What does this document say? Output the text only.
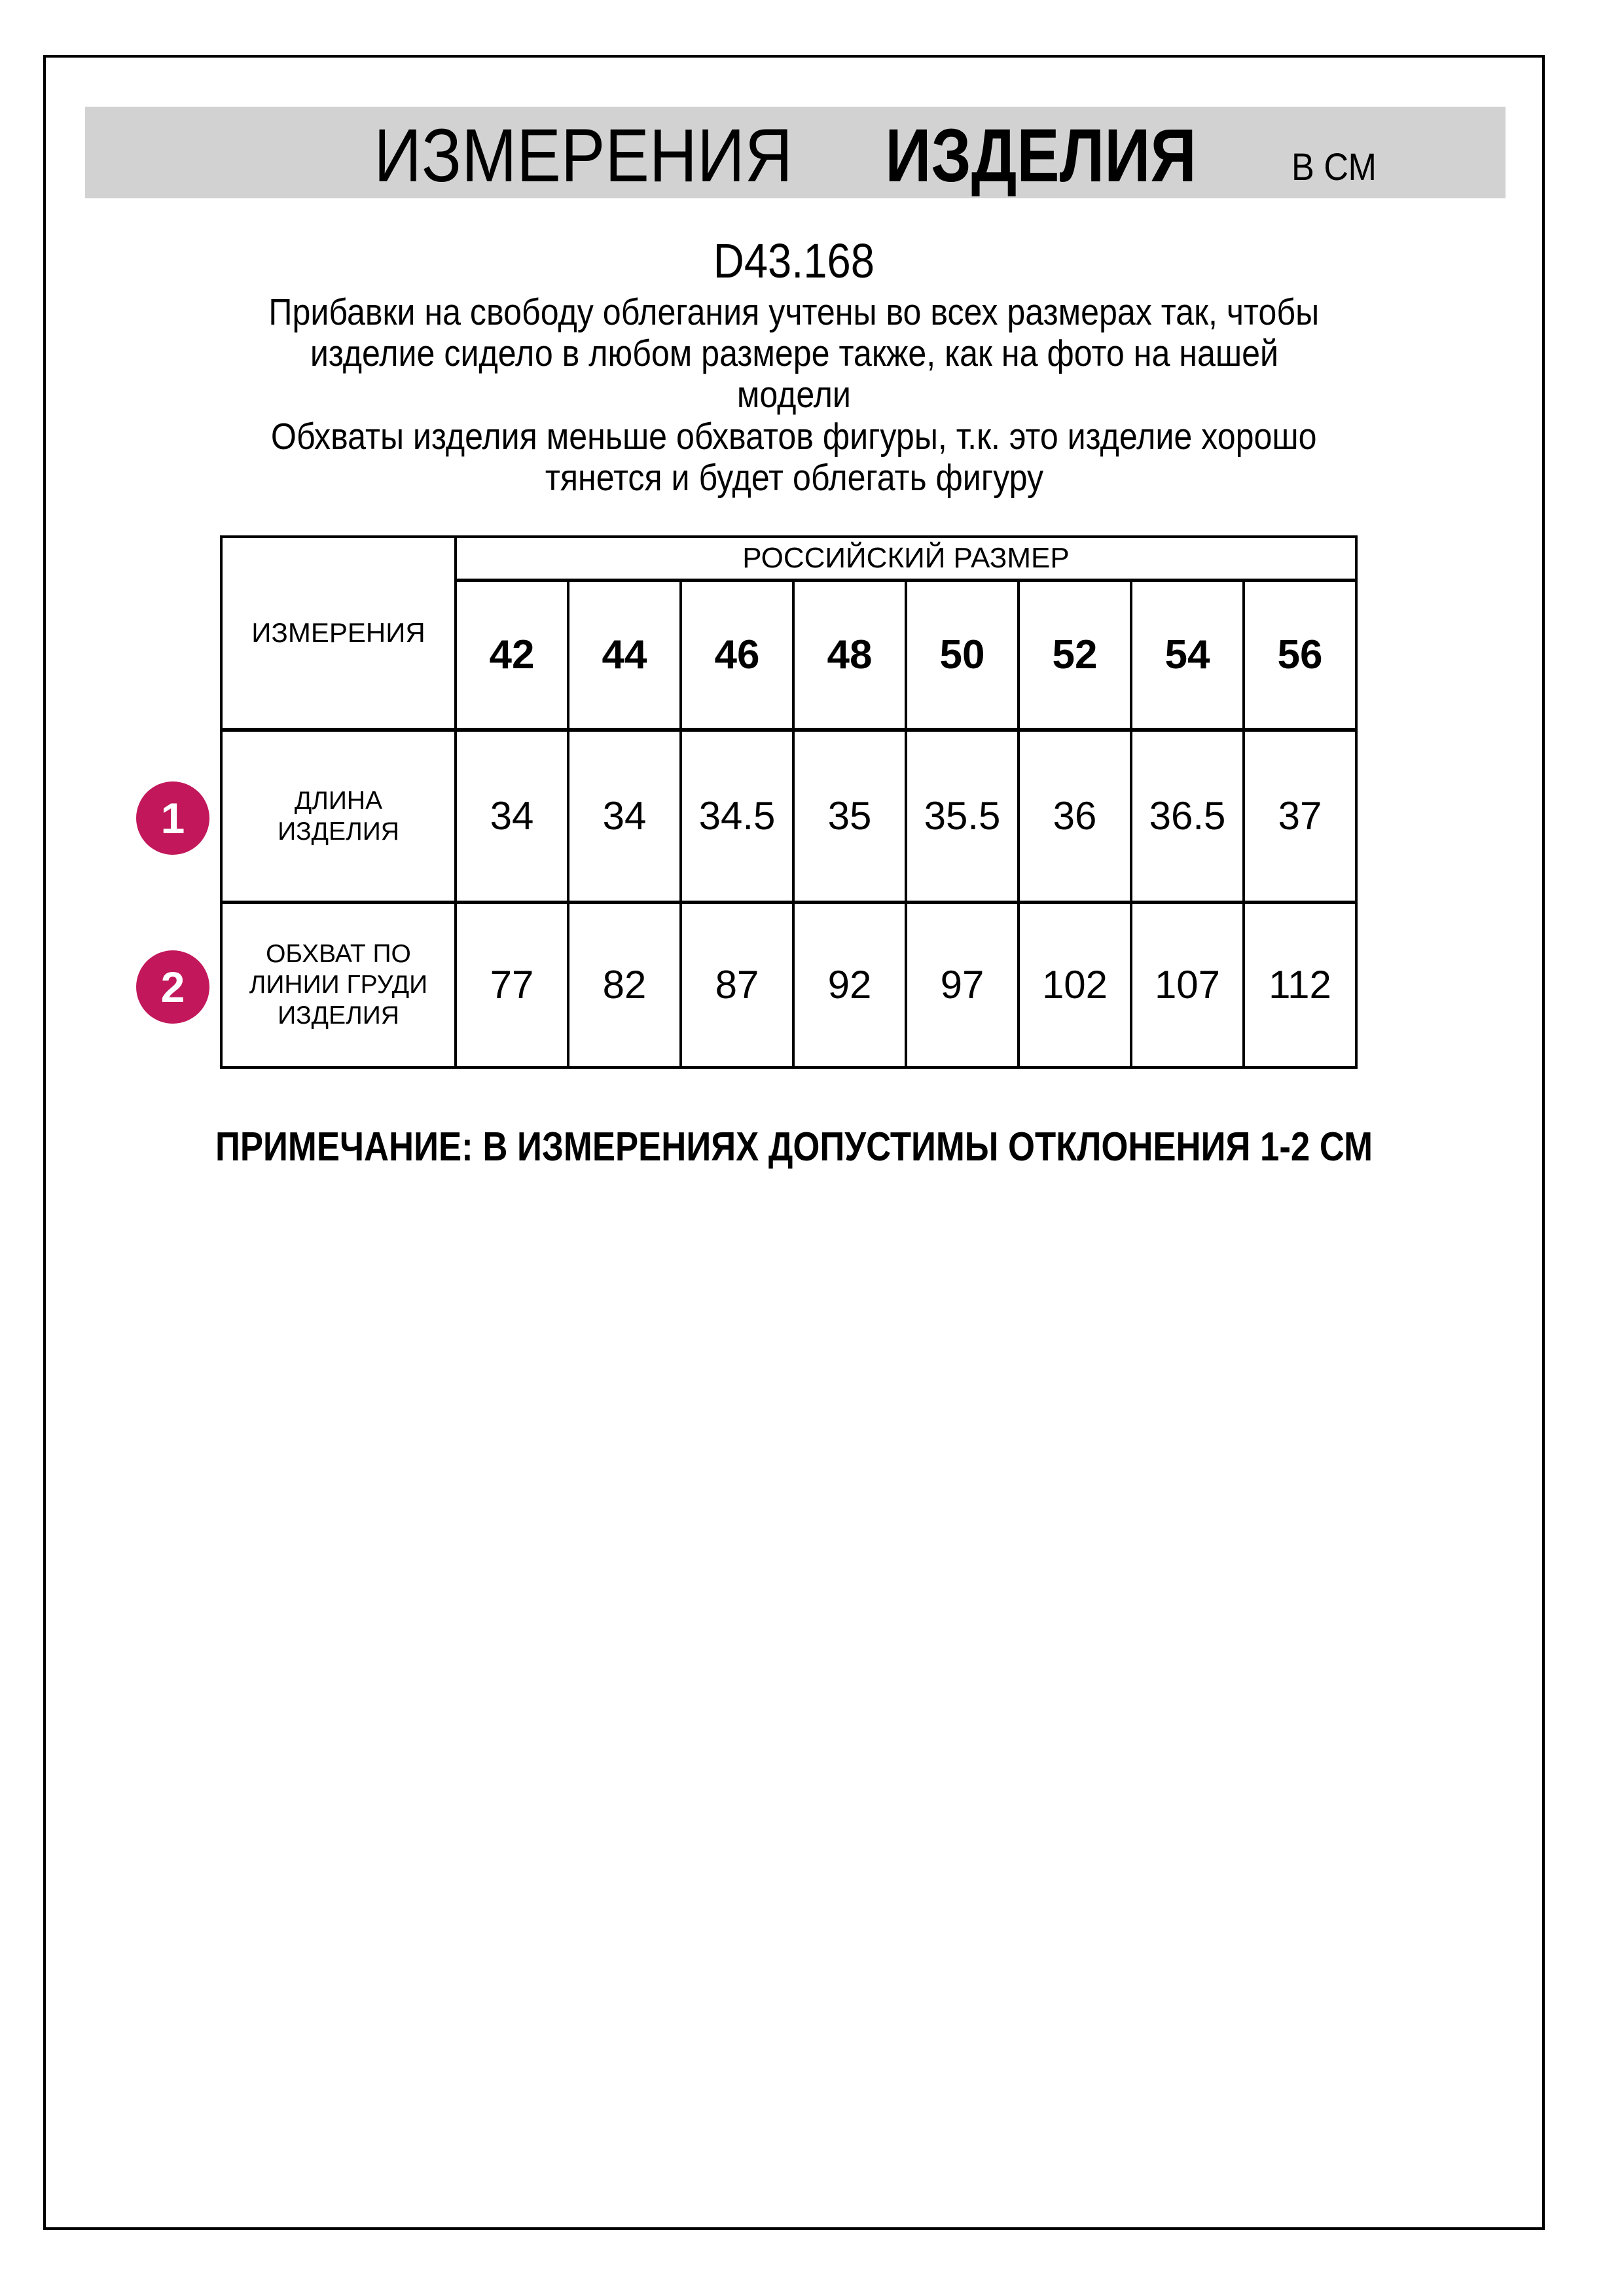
ИЗМЕРЕНИЯ ИЗДЕЛИЯ	В СМ
D43.168
Прибавки на свободу облегания учтены во всех размерах так, чтобы
изделие сидело в любом размере также, как на фото на нашей
модели
Обхваты изделия меньше обхватов фигуры, т.к. это изделие хорошо
тянется и будет облегать фигуру
ИЗМЕРЕНИЯ	РОССИЙСКИЙ РАЗМЕР							
	42	44	46	48	50	52	54	56

ДЛИНА
ИЗДЕЛИЯ	34	34	34.5	35	35.5	36	36.5	37

ОБХВАТ ПО
ЛИНИИ ГРУДИ
ИЗДЕЛИЯ	77	82	87	92	97	102	107	112
1
2
ПРИМЕЧАНИЕ: В ИЗМЕРЕНИЯХ ДОПУСТИМЫ ОТКЛОНЕНИЯ 1-2 СМ
